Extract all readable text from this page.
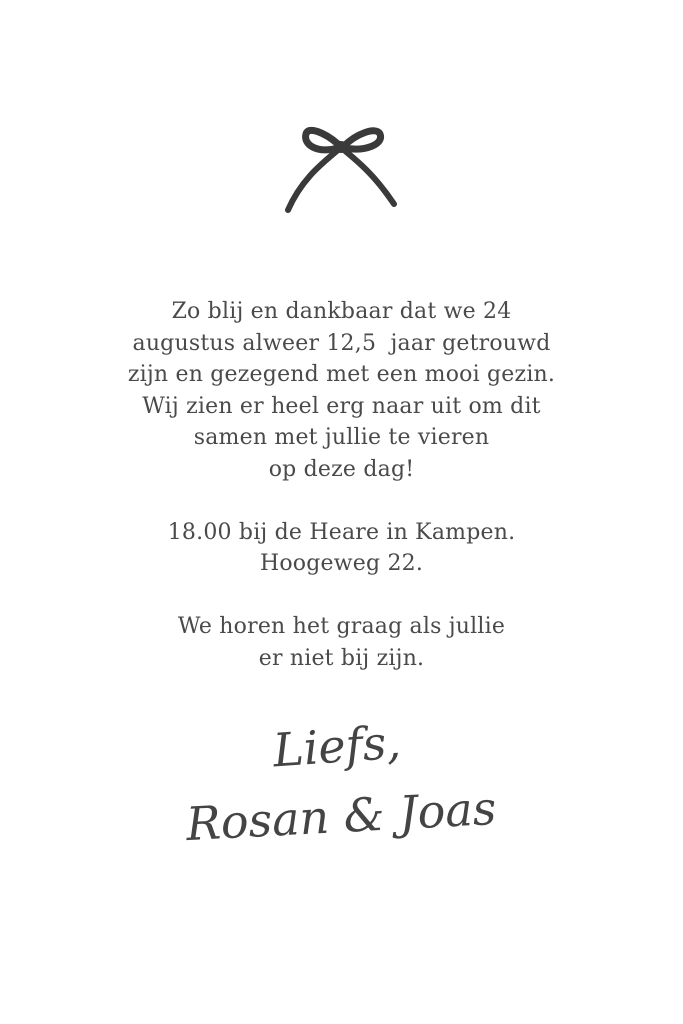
Zo blij en dankbaar dat we 24
augustus alweer 12,5  jaar getrouwd
zijn en gezegend met een mooi gezin.
Wij zien er heel erg naar uit om dit
samen met jullie te vieren
op deze dag!
18.00 bij de Heare in Kampen.
Hoogeweg 22.
We horen het graag als jullie
er niet bij zijn.
Liefs,
Rosan & Joas
